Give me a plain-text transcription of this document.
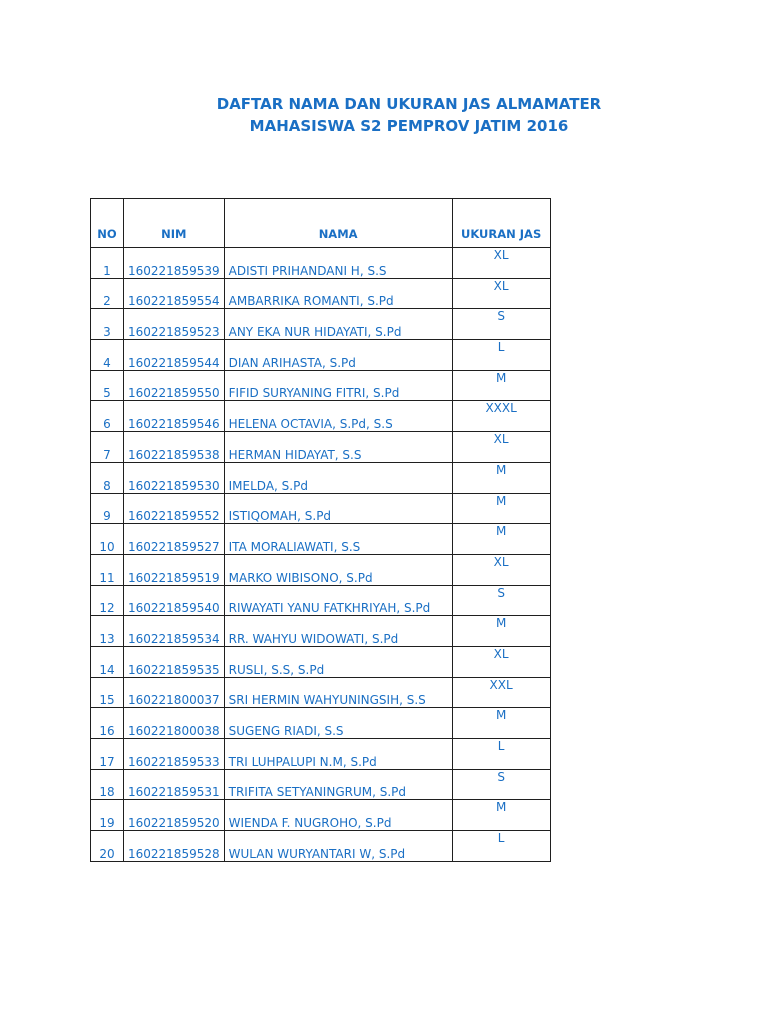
DAFTAR NAMA DAN UKURAN JAS ALMAMATER
MAHASISWA S2 PEMPROV JATIM 2016
NO	NIM	NAMA	UKURAN JAS
1	160221859539	ADISTI PRIHANDANI H, S.S	XL
2	160221859554	AMBARRIKA ROMANTI, S.Pd	XL
3	160221859523	ANY EKA NUR HIDAYATI, S.Pd	S
4	160221859544	DIAN ARIHASTA, S.Pd	L
5	160221859550	FIFID SURYANING FITRI, S.Pd	M
6	160221859546	HELENA OCTAVIA, S.Pd, S.S	XXXL
7	160221859538	HERMAN HIDAYAT, S.S	XL
8	160221859530	IMELDA, S.Pd	M
9	160221859552	ISTIQOMAH, S.Pd	M
10	160221859527	ITA MORALIAWATI, S.S	M
11	160221859519	MARKO WIBISONO, S.Pd	XL
12	160221859540	RIWAYATI YANU FATKHRIYAH, S.Pd	S
13	160221859534	RR. WAHYU WIDOWATI, S.Pd	M
14	160221859535	RUSLI, S.S, S.Pd	XL
15	160221800037	SRI HERMIN WAHYUNINGSIH, S.S	XXL
16	160221800038	SUGENG RIADI, S.S	M
17	160221859533	TRI LUHPALUPI N.M, S.Pd	L
18	160221859531	TRIFITA SETYANINGRUM, S.Pd	S
19	160221859520	WIENDA F. NUGROHO, S.Pd	M
20	160221859528	WULAN WURYANTARI W, S.Pd	L
